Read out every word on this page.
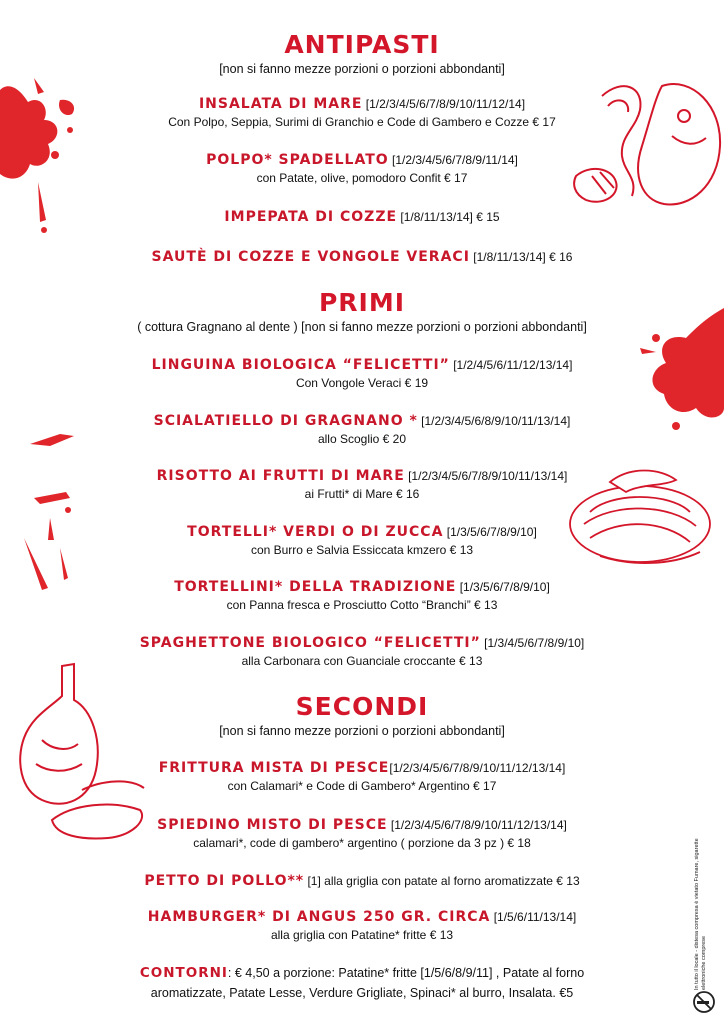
ANTIPASTI
[non si fanno mezze porzioni o porzioni abbondanti]
INSALATA DI MARE [1/2/3/4/5/6/7/8/9/10/11/12/14]
Con Polpo, Seppia, Surimi di Granchio e Code di Gambero e Cozze € 17
POLPO* SPADELLATO [1/2/3/4/5/6/7/8/9/11/14]
con Patate, olive, pomodoro Confit € 17
IMPEPATA DI COZZE [1/8/11/13/14] € 15
SAUTÈ DI COZZE E VONGOLE VERACI [1/8/11/13/14] € 16
PRIMI
( cottura Gragnano al dente ) [non si fanno mezze porzioni o porzioni abbondanti]
LINGUINA BIOLOGICA “FELICETTI” [1/2/4/5/6/11/12/13/14]
Con Vongole Veraci € 19
SCIALATIELLO DI GRAGNANO * [1/2/3/4/5/6/8/9/10/11/13/14]
allo Scoglio € 20
RISOTTO AI FRUTTI DI MARE [1/2/3/4/5/6/7/8/9/10/11/13/14]
ai Frutti* di Mare € 16
TORTELLI* VERDI O DI ZUCCA [1/3/5/6/7/8/9/10]
con Burro e Salvia Essiccata kmzero € 13
TORTELLINI* DELLA TRADIZIONE [1/3/5/6/7/8/9/10]
con Panna fresca e Prosciutto Cotto “Branchi” € 13
SPAGHETTONE BIOLOGICO “FELICETTI” [1/3/4/5/6/7/8/9/10]
alla Carbonara con Guanciale croccante € 13
SECONDI
[non si fanno mezze porzioni o porzioni abbondanti]
FRITTURA MISTA DI PESCE[1/2/3/4/5/6/7/8/9/10/11/12/13/14]
con Calamari* e Code di Gambero* Argentino € 17
SPIEDINO MISTO DI PESCE [1/2/3/4/5/6/7/8/9/10/11/12/13/14]
calamari*, code di gambero* argentino ( porzione da 3 pz ) € 18
PETTO DI POLLO** [1] alla griglia con patate al forno aromatizzate € 13
HAMBURGER* DI ANGUS 250 GR. CIRCA [1/5/6/11/13/14]
alla griglia con Patatine* fritte € 13
CONTORNI: € 4,50 a porzione: Patatine* fritte [1/5/6/8/9/11] , Patate al forno
aromatizzate, Patate Lesse, Verdure Grigliate, Spinaci* al burro, Insalata. €5
In tutto il locale - distesa compresa è vietato Fumare, sigarette elettroniche comprese
